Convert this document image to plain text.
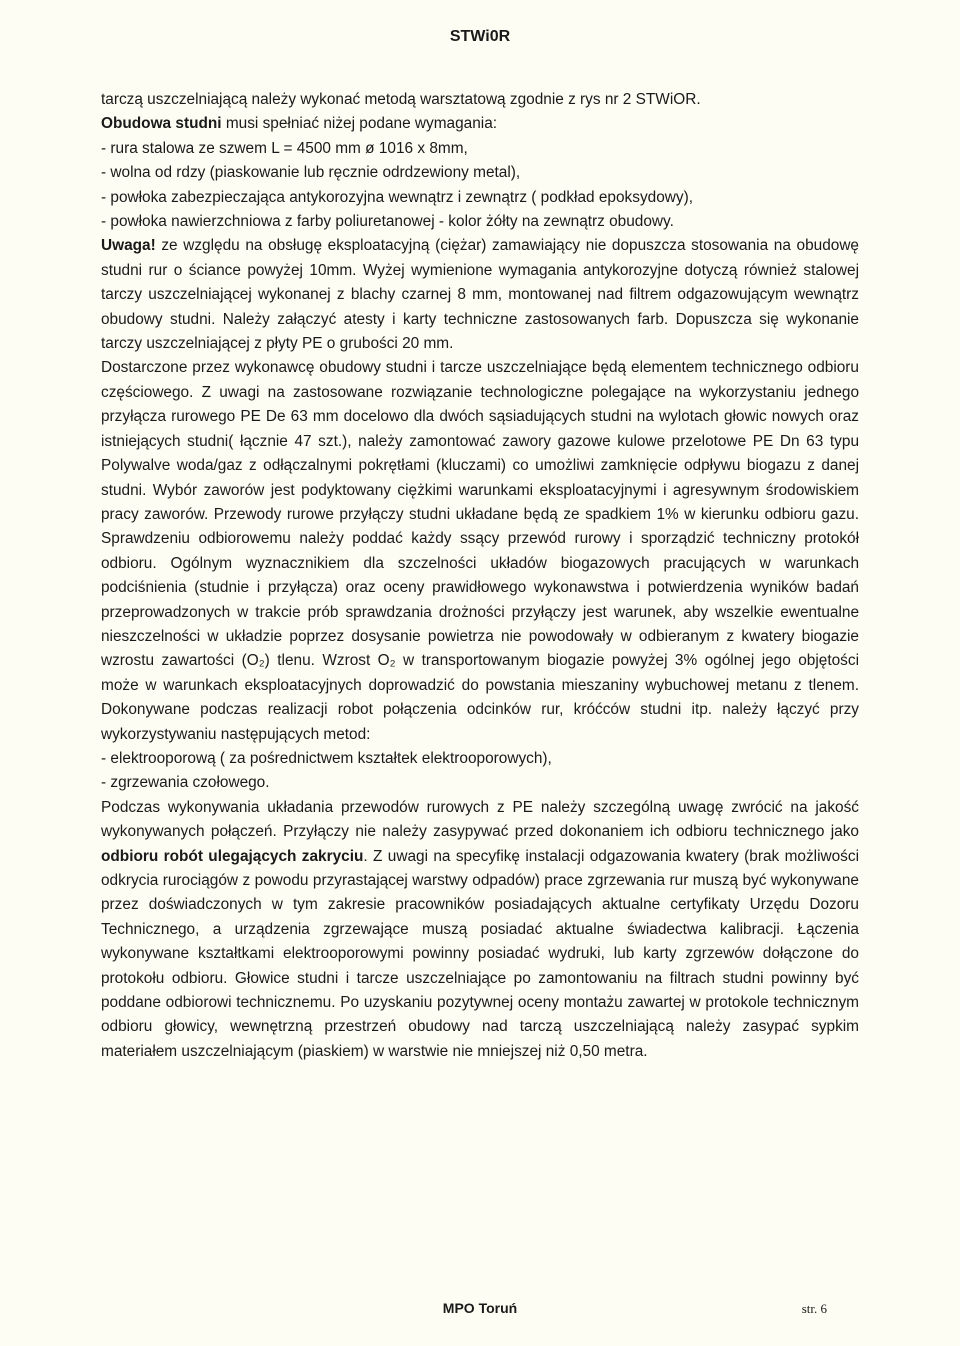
STWi0R

tarczą uszczelniającą należy wykonać metodą warsztatową zgodnie z rys nr 2 STWiOR.
Obudowa studni musi spełniać niżej podane wymagania:

- rura stalowa ze szwem L = 4500 mm ø 1016 x 8mm,

- wolna od rdzy (piaskowanie lub ręcznie odrdzewiony metal),

- powłoka zabezpieczająca antykorozyjna wewnątrz i zewnątrz ( podkład epoksydowy),

- powłoka nawierzchniowa z farby poliuretanowej - kolor żółty na zewnątrz obudowy.

Uwaga! ze względu na obsługę eksploatacyjną (ciężar) zamawiający nie dopuszcza stosowania na obudowę studni rur o ściance powyżej 10mm. Wyżej wymienione wymagania antykorozyjne dotyczą również stalowej tarczy uszczelniającej wykonanej z blachy czarnej 8 mm, montowanej nad filtrem odgazowującym wewnątrz obudowy studni. Należy załączyć atesty i karty techniczne zastosowanych farb. Dopuszcza się wykonanie tarczy uszczelniającej z płyty PE o grubości 20 mm.

Dostarczone przez wykonawcę obudowy studni i tarcze uszczelniające będą elementem technicznego odbioru częściowego. Z uwagi na zastosowane rozwiązanie technologiczne polegające na wykorzystaniu jednego przyłącza rurowego PE De 63 mm docelowo dla dwóch sąsiadujących studni na wylotach głowic nowych oraz istniejących studni( łącznie 47 szt.), należy zamontować zawory gazowe kulowe przelotowe PE Dn 63 typu Polywalve woda/gaz z odłączalnymi pokrętłami (kluczami) co umożliwi zamknięcie odpływu biogazu z danej studni. Wybór zaworów jest podyktowany ciężkimi warunkami eksploatacyjnymi i agresywnym środowiskiem pracy zaworów. Przewody rurowe przyłączy studni układane będą ze spadkiem 1% w kierunku odbioru gazu. Sprawdzeniu odbiorowemu należy poddać każdy ssący przewód rurowy i sporządzić techniczny protokół odbioru. Ogólnym wyznacznikiem dla szczelności układów biogazowych pracujących w warunkach podciśnienia (studnie i przyłącza) oraz oceny prawidłowego wykonawstwa i potwierdzenia wyników badań przeprowadzonych w trakcie prób sprawdzania drożności przyłączy jest warunek, aby wszelkie ewentualne nieszczelności w układzie poprzez dosysanie powietrza nie powodowały w odbieranym z kwatery biogazie wzrostu zawartości (O₂) tlenu. Wzrost O₂ w transportowanym biogazie powyżej 3% ogólnej jego objętości może w warunkach eksploatacyjnych doprowadzić do powstania mieszaniny wybuchowej metanu z tlenem. Dokonywane podczas realizacji robot połączenia odcinków rur, króćców studni itp. należy łączyć przy wykorzystywaniu następujących metod:

- elektrooporową ( za pośrednictwem kształtek elektrooporowych),

- zgrzewania czołowego.

Podczas wykonywania układania przewodów rurowych z PE należy szczególną uwagę zwrócić na jakość wykonywanych połączeń. Przyłączy nie należy zasypywać przed dokonaniem ich odbioru technicznego jako odbioru robót ulegających zakryciu. Z uwagi na specyfikę instalacji odgazowania kwatery (brak możliwości odkrycia rurociągów z powodu przyrastającej warstwy odpadów) prace zgrzewania rur muszą być wykonywane przez doświadczonych w tym zakresie pracowników posiadających aktualne certyfikaty Urzędu Dozoru Technicznego, a urządzenia zgrzewające muszą posiadać aktualne świadectwa kalibracji. Łączenia wykonywane kształtkami elektrooporowymi powinny posiadać wydruki, lub karty zgrzewów dołączone do protokołu odbioru. Głowice studni i tarcze uszczelniające po zamontowaniu na filtrach studni powinny być poddane odbiorowi technicznemu. Po uzyskaniu pozytywnej oceny montażu zawartej w protokole technicznym odbioru głowicy, wewnętrzną przestrzeń obudowy nad tarczą uszczelniającą należy zasypać sypkim materiałem uszczelniającym (piaskiem) w warstwie nie mniejszej niż 0,50 metra.

MPO Toruń	str. 6
